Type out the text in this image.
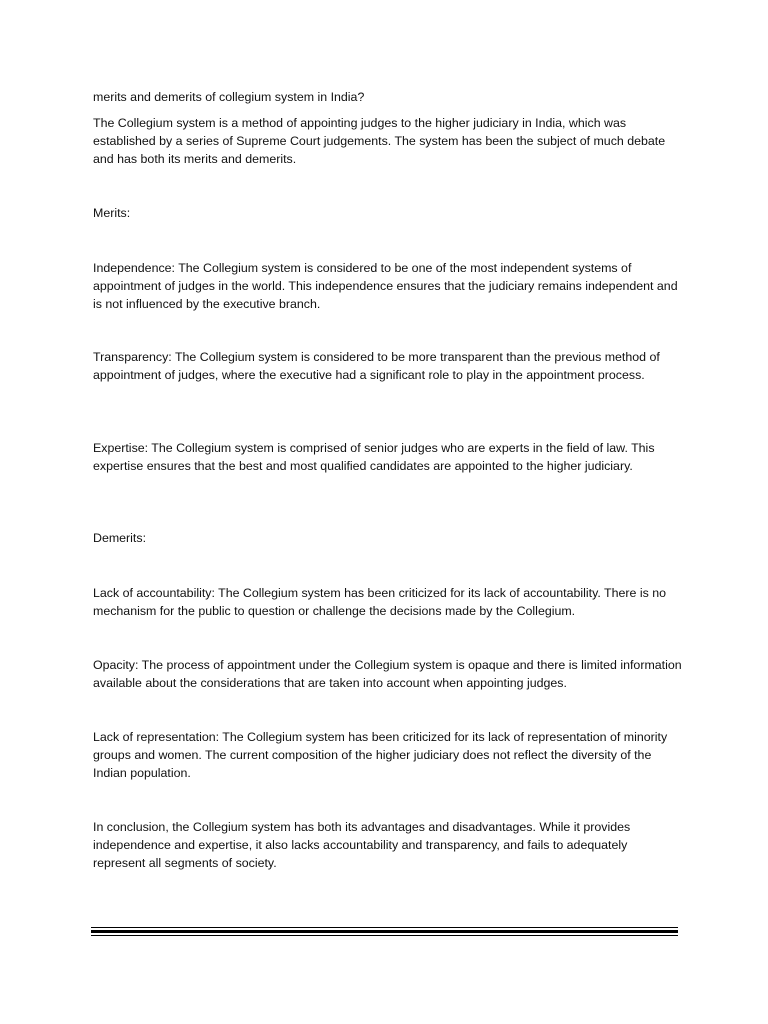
merits and demerits of collegium system in India?

The Collegium system is a method of appointing judges to the higher judiciary in India, which was established by a series of Supreme Court judgements. The system has been the subject of much debate and has both its merits and demerits.

Merits:

Independence: The Collegium system is considered to be one of the most independent systems of appointment of judges in the world. This independence ensures that the judiciary remains independent and is not influenced by the executive branch.

Transparency: The Collegium system is considered to be more transparent than the previous method of appointment of judges, where the executive had a significant role to play in the appointment process.

Expertise: The Collegium system is comprised of senior judges who are experts in the field of law. This expertise ensures that the best and most qualified candidates are appointed to the higher judiciary.

Demerits:

Lack of accountability: The Collegium system has been criticized for its lack of accountability. There is no mechanism for the public to question or challenge the decisions made by the Collegium.

Opacity: The process of appointment under the Collegium system is opaque and there is limited information available about the considerations that are taken into account when appointing judges.

Lack of representation: The Collegium system has been criticized for its lack of representation of minority groups and women. The current composition of the higher judiciary does not reflect the diversity of the Indian population.

In conclusion, the Collegium system has both its advantages and disadvantages. While it provides independence and expertise, it also lacks accountability and transparency, and fails to adequately represent all segments of society.
